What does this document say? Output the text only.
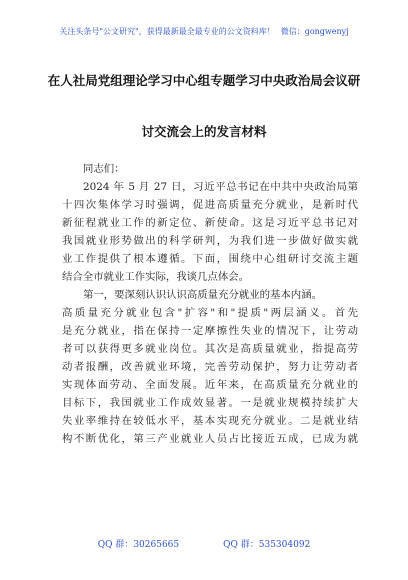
关注头条号"公文研究"，获得最新最全最专业的公文资料库！ 微信：gongwenyj
在人社局党组理论学习中心组专题学习中央政治局会议研
讨交流会上的发言材料
同志们：
2024 年 5 月 27 日，习近平总书记在中共中央政治局第
十四次集体学习时强调，促进高质量充分就业，是新时代
新征程就业工作的新定位、新使命。这是习近平总书记对
我国就业形势做出的科学研判，为我们进一步做好做实就
业工作提供了根本遵循。下面，围绕中心组研讨交流主题
结合全市就业工作实际，我谈几点体会。
第一，要深刻认识认识高质量充分就业的基本内涵。
高质量充分就业包含"扩容"和"提质"两层涵义。首先
是充分就业，指在保持一定摩擦性失业的情况下，让劳动
者可以获得更多就业岗位。其次是高质量就业，指提高劳
动者报酬，改善就业环境，完善劳动保护，努力让劳动者
实现体面劳动、全面发展。近年来，在高质量充分就业的
目标下，我国就业工作成效显著。一是就业规模持续扩大
失业率维持在较低水平，基本实现充分就业。二是就业结
构不断优化，第三产业就业人员占比接近五成，已成为就
QQ 群：30265665	QQ 群：535304092
